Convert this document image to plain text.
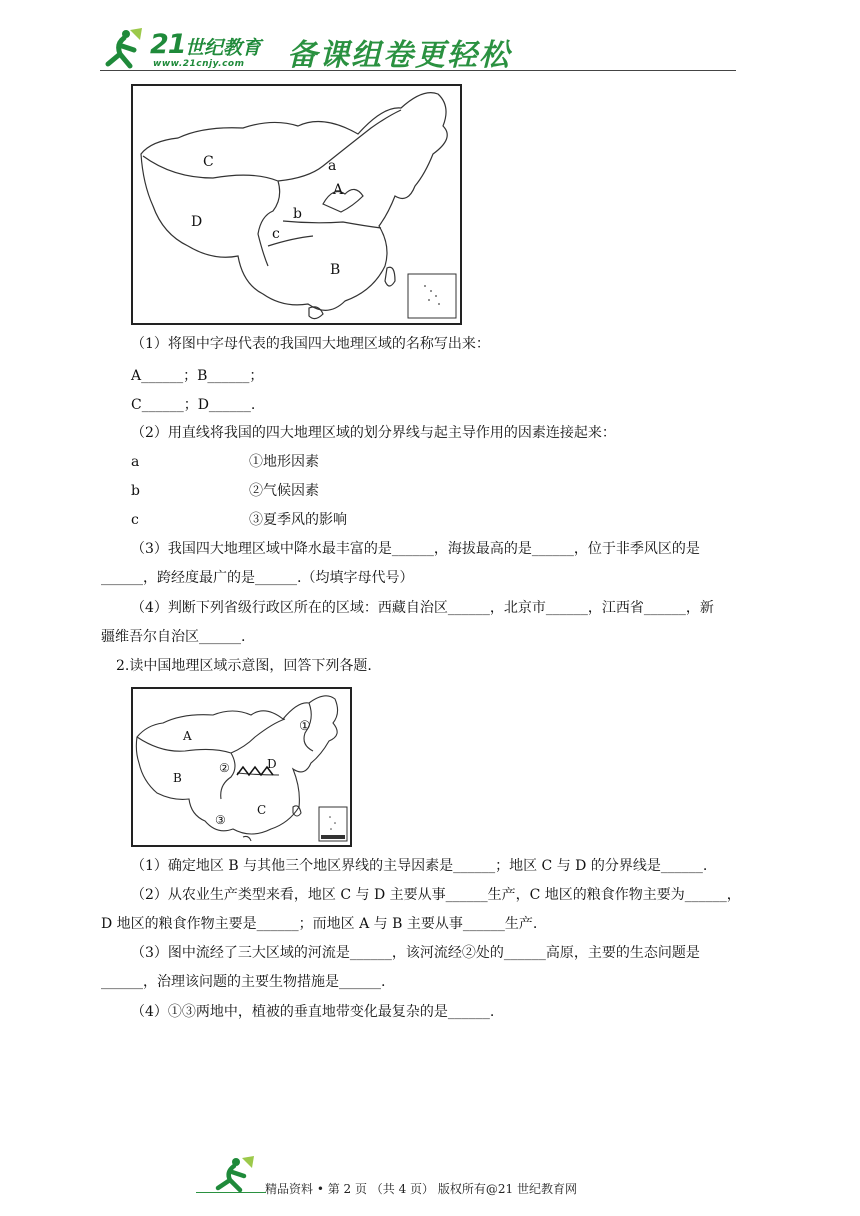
21 世纪教育
www.21cnjy.com 备课组卷更轻松
C	a
A
D	b
c
B
（1）将图中字母代表的我国四大地理区域的名称写出来：
A______；B______；
C______；D______.
（2）用直线将我国的四大地理区域的划分界线与起主导作用的因素连接起来：
a	①地形因素
b	②气候因素
c	③夏季风的影响
（3）我国四大地理区域中降水最丰富的是______，海拔最高的是______，位于非季风区的是
______，跨经度最广的是______.（均填字母代号）
（4）判断下列省级行政区所在的区域：西藏自治区______，北京市______，江西省______，新
疆维吾尔自治区______.
2.读中国地理区域示意图，回答下列各题.
A
B
②	D
C
①
③
（1）确定地区 B 与其他三个地区界线的主导因素是______；地区 C 与 D 的分界线是______.
（2）从农业生产类型来看，地区 C 与 D 主要从事______生产，C 地区的粮食作物主要为______，
D 地区的粮食作物主要是______；而地区 A 与 B 主要从事______生产.
（3）图中流经了三大区域的河流是______，该河流经②处的______高原，主要的生态问题是
______，治理该问题的主要生物措施是______.
（4）①③两地中，植被的垂直地带变化最复杂的是______.
精品资料 • 第 2 页 （共 4 页） 版权所有@21 世纪教育网
